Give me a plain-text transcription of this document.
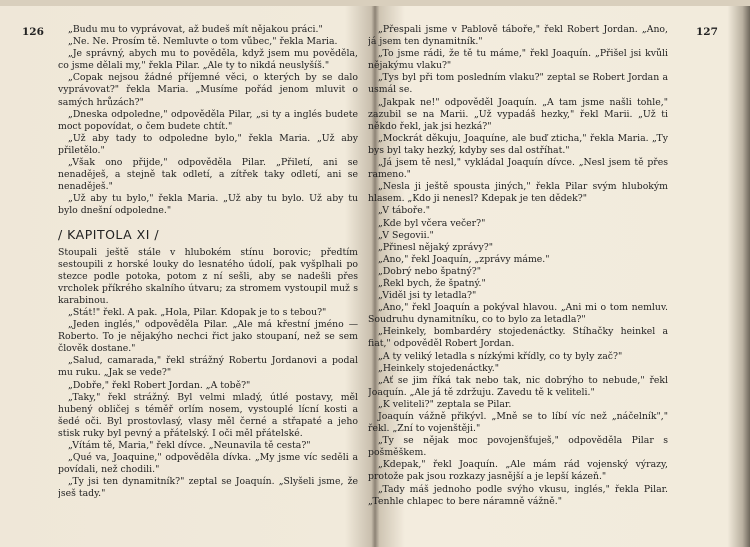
126	127
„Budu mu to vyprávovat, až budeš mít nějakou práci."
„Ne. Ne. Prosím tě. Nemluvte o tom vůbec," řekla Maria.
„Je správný, abych mu to pověděla, když jsem mu pověděla, co jsme dělali my," řekla Pilar. „Ale ty to nikdá neuslyšíš."
„Copak nejsou žádné příjemné věci, o kterých by se dalo vyprávovat?" řekla Maria. „Musíme pořád jenom mluvit o samých hrůzách?"
„Dneska odpoledne," odpověděla Pilar, „si ty a inglés budete moct popovídat, o čem budete chtít."
„Už aby tady to odpoledne bylo," řekla Maria. „Už aby přiletělo."
„Však ono přijde," odpověděla Pilar. „Přiletí, ani se nenaděješ, a stejně tak odletí, a zítřek taky odletí, ani se nenaděješ."
„Už aby tu bylo," řekla Maria. „Už aby tu bylo. Už aby tu bylo dnešní odpoledne."
/ KAPITOLA XI /
Stoupali ještě stále v hlubokém stínu borovic; předtím sestoupili z horské louky do lesnatého údolí, pak vyšplhali po stezce podle potoka, potom z ní sešli, aby se nadešli přes vrcholek příkrého skalního útvaru; za stromem vystoupil muž s karabinou.
„Stát!" řekl. A pak. „Hola, Pilar. Kdopak je to s tebou?"
„Jeden inglés," odpověděla Pilar. „Ale má křestní jméno — Roberto. To je nějakýho nechci řict jako stoupaní, než se sem člověk dostane."
„Salud, camarada," řekl strážný Robertu Jordanovi a podal mu ruku. „Jak se vede?"
„Dobře," řekl Robert Jordan. „A tobě?"
„Taky," řekl strážný. Byl velmi mladý, útlé postavy, měl hubený obličej s téměř orlím nosem, vystouplé lícní kosti a šedé oči. Byl prostovlasý, vlasy měl černé a střapaté a jeho stisk ruky byl pevný a přátelský. I oči měl přátelské.
„Vítám tě, Maria," řekl dívce. „Neunavila tě cesta?"
„Qué va, Joaquine," odpověděla dívka. „My jsme víc seděli a povídali, než chodili."
„Ty jsi ten dynamitník?" zeptal se Joaquín. „Slyšeli jsme, že jseš tady."
„Přespali jsme v Pablově táboře," řekl Robert Jordan. „Ano, já jsem ten dynamitník."
„To jsme rádi, že tě tu máme," řekl Joaquín. „Přišel jsi kvůli nějakýmu vlaku?"
„Tys byl při tom posledním vlaku?" zeptal se Robert Jordan a usmál se.
„Jakpak ne!" odpověděl Joaquín. „A tam jsme našli tohle," zazubil se na Marii. „Už vypadáš hezky," řekl Marii. „Už ti někdo řekl, jak jsi hezká?"
„Mockrát děkuju, Joaquíne, ale buď zticha," řekla Maria. „Ty bys byl taky hezký, kdyby ses dal ostříhat."
„Já jsem tě nesl," vykládal Joaquín dívce. „Nesl jsem tě přes rameno."
„Nesla ji ještě spousta jiných," řekla Pilar svým hlubokým hlasem. „Kdo ji nenesl? Kdepak je ten dědek?"
„V táboře."
„Kde byl včera večer?"
„V Segovii."
„Přinesl nějaký zprávy?"
„Ano," řekl Joaquín, „zprávy máme."
„Dobrý nebo špatný?"
„Řekl bych, že špatný."
„Viděl jsi ty letadla?"
„Ano," řekl Joaquín a pokýval hlavou. „Ani mi o tom nemluv. Soudruhu dynamitníku, co to bylo za letadla?"
„Heinkely, bombardéry stojedenáctky. Stíhačky heinkel a fiat," odpověděl Robert Jordan.
„A ty veliký letadla s nízkými křídly, co ty byly zač?"
„Heinkely stojedenáctky."
„Ať se jim říká tak nebo tak, nic dobrýho to nebude," řekl Joaquín. „Ale já tě zdržuju. Zavedu tě k veliteli."
„K veliteli?" zeptala se Pilar.
Joaquín vážně přikývl. „Mně se to líbí víc než „náčelník"," řekl. „Zní to vojenštěji."
„Ty se nějak moc povojenšťuješ," odpověděla Pilar s pošměškem.
„Kdepak," řekl Joaquín. „Ale mám rád vojenský výrazy, protože pak jsou rozkazy jasnější a je lepší kázeň."
„Tady máš jednoho podle svýho vkusu, inglés," řekla Pilar. „Tenhle chlapec to bere náramně vážně."
